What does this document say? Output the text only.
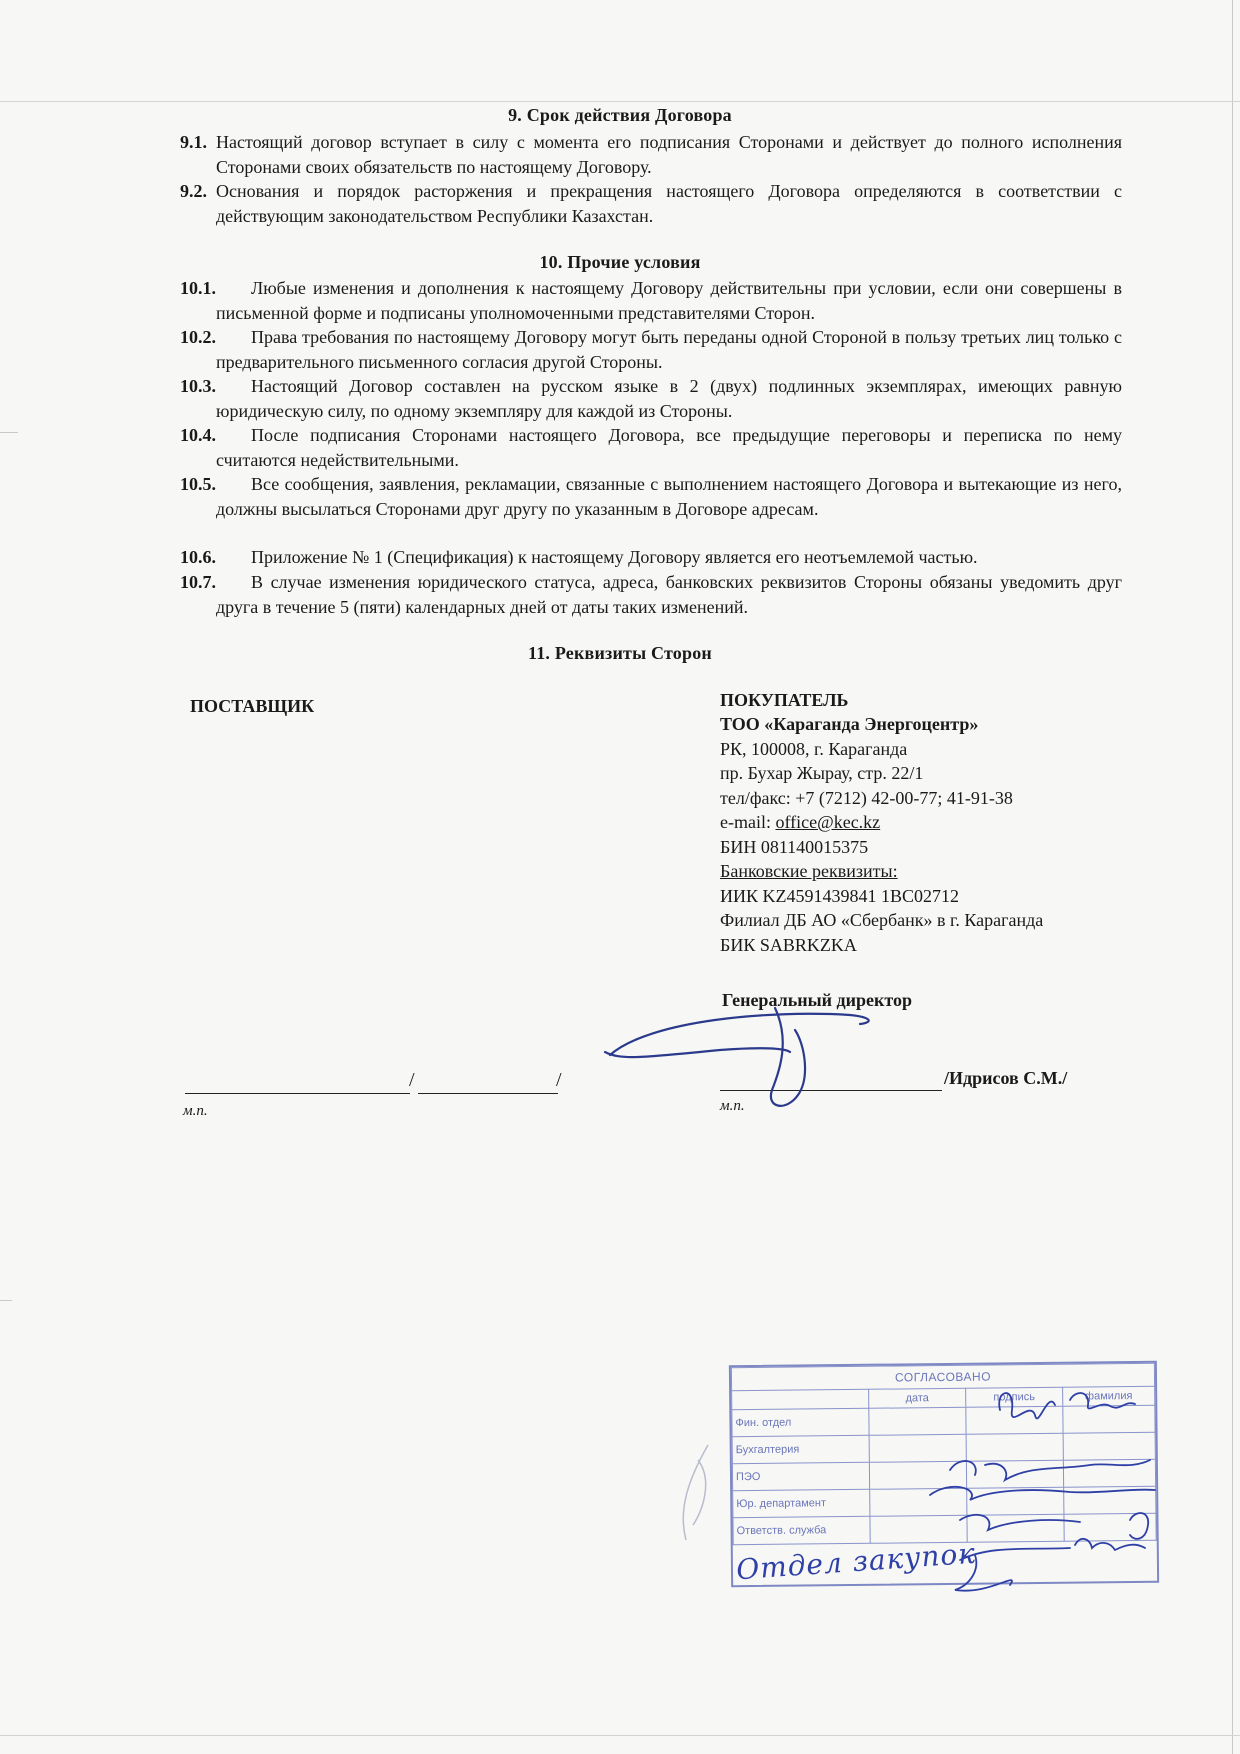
9. Срок действия Договора
9.1. Настоящий договор вступает в силу с момента его подписания Сторонами и действует до полного исполнения Сторонами своих обязательств по настоящему Договору.
9.2. Основания и порядок расторжения и прекращения настоящего Договора определяются в соответствии с действующим законодательством Республики Казахстан.
10. Прочие условия
10.1.	Любые изменения и дополнения к настоящему Договору действительны при условии, если они совершены в письменной форме и подписаны уполномоченными представителями Сторон.
10.2.	Права требования по настоящему Договору могут быть переданы одной Стороной в пользу третьих лиц только с предварительного письменного согласия другой Стороны.
10.3.	Настоящий Договор составлен на русском языке в 2 (двух) подлинных экземплярах, имеющих равную юридическую силу, по одному экземпляру для каждой из Стороны.
10.4.	После подписания Сторонами настоящего Договора, все предыдущие переговоры и переписка по нему считаются недействительными.
10.5.	Все сообщения, заявления, рекламации, связанные с выполнением настоящего Договора и вытекающие из него, должны высылаться Сторонами друг другу по указанным в Договоре адресам.
10.6.	Приложение № 1 (Спецификация) к настоящему Договору является его неотъемлемой частью.
10.7.	В случае изменения юридического статуса, адреса, банковских реквизитов Стороны обязаны уведомить друг друга в течение 5 (пяти) календарных дней от даты таких изменений.
11. Реквизиты Сторон
ПОСТАВЩИК	ПОКУПАТЕЛЬ
ТОО «Караганда Энергоцентр»
РК, 100008, г. Караганда
пр. Бухар Жырау, стр. 22/1
тел/факс: +7 (7212) 42-00-77; 41-91-38
e-mail: office@kec.kz
БИН 081140015375
Банковские реквизиты:
ИИК KZ4591439841 1BC02712
Филиал ДБ АО «Сбербанк» в г. Караганда
БИК SABRKZKA
Генеральный директор
/	/
м.п.
/Идрисов С.М./
м.п.
СОГЛАСОВАНО			
	дата	подпись	фамилия
Фин. отдел			
Бухгалтерия			
ПЭО			
Юр. департамент			
Ответств. служба			
Отдел закупок
